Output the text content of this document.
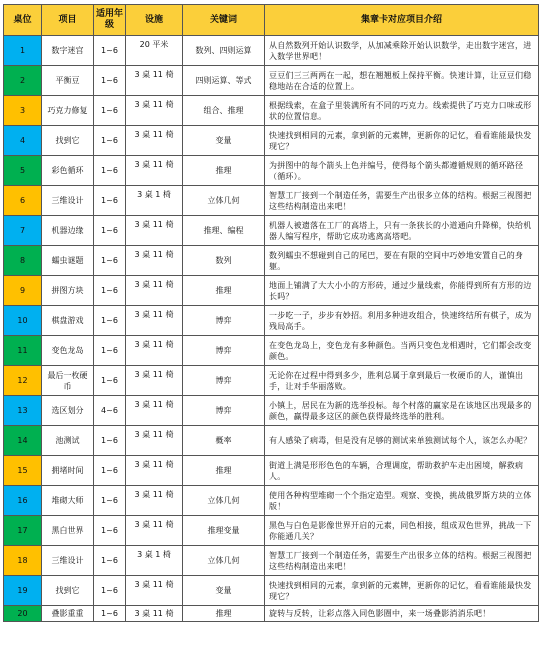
桌位	项目	适用年级	设施	关键词	集章卡对应项目介绍
1	数字迷宫	1~6	20 平米	数列、四则运算	从自然数列开始认识数学，从加减乘除开始认识数学，走出数字迷宫，进入数学世界吧！
2	平衡豆	1~6	3 桌 11 椅	四则运算、等式	豆豆们三三两两在一起，想在翘翘板上保持平衡。快速计算，让豆豆们稳稳地站在合适的位置上。
3	巧克力修复	1~6	3 桌 11 椅	组合、推理	根据线索，在盒子里装满所有不同的巧克力。线索提供了巧克力口味或形状的位置信息。
4	找到它	1~6	3 桌 11 椅	变量	快速找到相同的元素，拿到新的元素牌，更新你的记忆，看看谁能最快发现它？
5	彩色循环	1~6	3 桌 11 椅	推理	为拼图中的每个箭头上色并编号，使得每个箭头都遵循规则的循环路径（循环）。
6	三维设计	1~6	3 桌 1 椅	立体几何	智慧工厂接到一个制造任务，需要生产出很多立体的结构。根据三视图把这些结构制造出来吧！
7	机器边缘	1~6	3 桌 11 椅	推理、编程	机器人被遗落在工厂的高塔上，只有一条狭长的小道通向升降梯，快给机器人编写程序，帮助它成功逃离高塔吧。
8	蠕虫谜题	1~6	3 桌 11 椅	数列	数列蠕虫不想碰到自己的尾巴，要在有限的空间中巧妙地安置自己的身躯。
9	拼图方块	1~6	3 桌 11 椅	推理	地面上铺满了大大小小的方形砖，通过少量线索，你能得到所有方形的边长吗？
10	棋盘游戏	1~6	3 桌 11 椅	博弈	一步吃一子，步步有妙招。利用多种进攻组合，快速终结所有棋子，成为残局高手。
11	变色龙岛	1~6	3 桌 11 椅	博弈	在变色龙岛上，变色龙有多种颜色。当两只变色龙相遇时，它们都会改变颜色。
12	最后一枚硬币	1~6	3 桌 11 椅	博弈	无论你在过程中得到多少，胜利总属于拿到最后一枚硬币的人，谨慎出手，让对手华丽落败。
13	选区划分	4~6	3 桌 11 椅	博弈	小镇上，居民在为新的选举投标。每个村落的赢家是在该地区出现最多的颜色，赢得最多这区的颜色获得最终选举的胜利。
14	池测试	1~6	3 桌 11 椅	概率	有人感染了病毒，但是没有足够的测试来单独测试每个人，该怎么办呢？
15	拥堵时间	1~6	3 桌 11 椅	推理	街道上满是形形色色的车辆，合理调度，帮助救护车走出困境，解救病人。
16	堆砌大师	1~6	3 桌 11 椅	立体几何	使用各种构型堆砌一个个指定造型。观察、变换，挑战俄罗斯方块的立体版！
17	黑白世界	1~6	3 桌 11 椅	推理变量	黑色与白色是影像世界开启的元素，同色相接，组成双色世界，挑战一下你能通几关？
18	三维设计	1~6	3 桌 1 椅	立体几何	智慧工厂接到一个制造任务，需要生产出很多立体的结构。根据三视图把这些结构制造出来吧！
19	找到它	1~6	3 桌 11 椅	变量	快速找到相同的元素，拿到新的元素牌，更新你的记忆，看看谁能最快发现它？
20	叠影重重	1~6	3 桌 11 椅	推理	旋转与反转，让彩点落入同色影圈中，来一场叠影消消乐吧！
